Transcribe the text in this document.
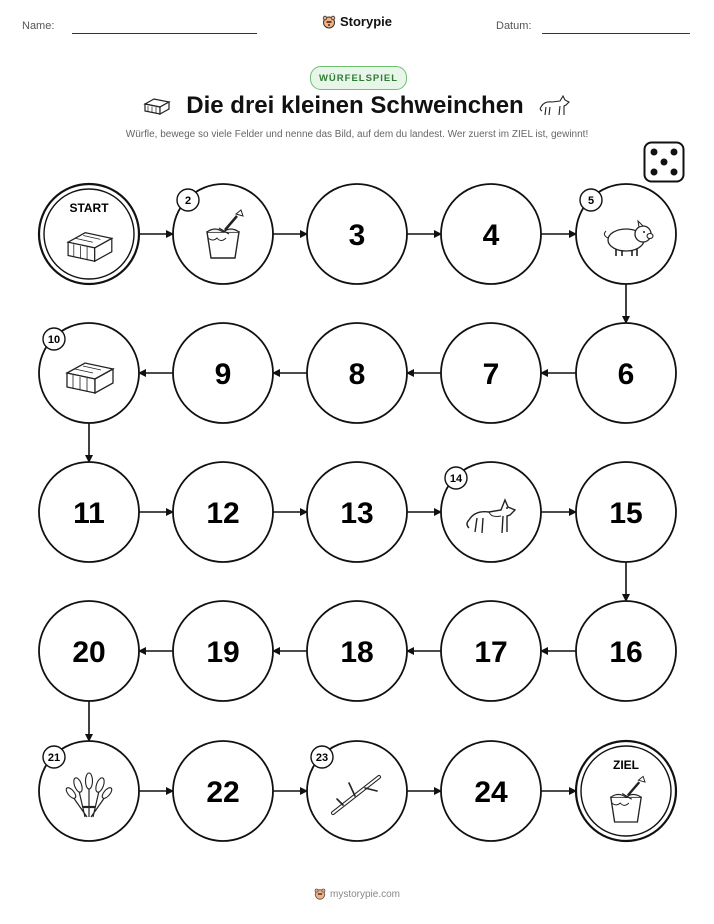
Name:	Storypie	Datum:
WÜRFELSPIEL
Die drei kleinen Schweinchen
Würfle, bewege so viele Felder und nenne das Bild, auf dem du landest. Wer zuerst im ZIEL ist, gewinnt!
START	2
3	4
5
6
7
8
9
10
11	12	13
14
15
16
17
18
19
20
21
22
23
24
ZIEL
mystorypie.com
